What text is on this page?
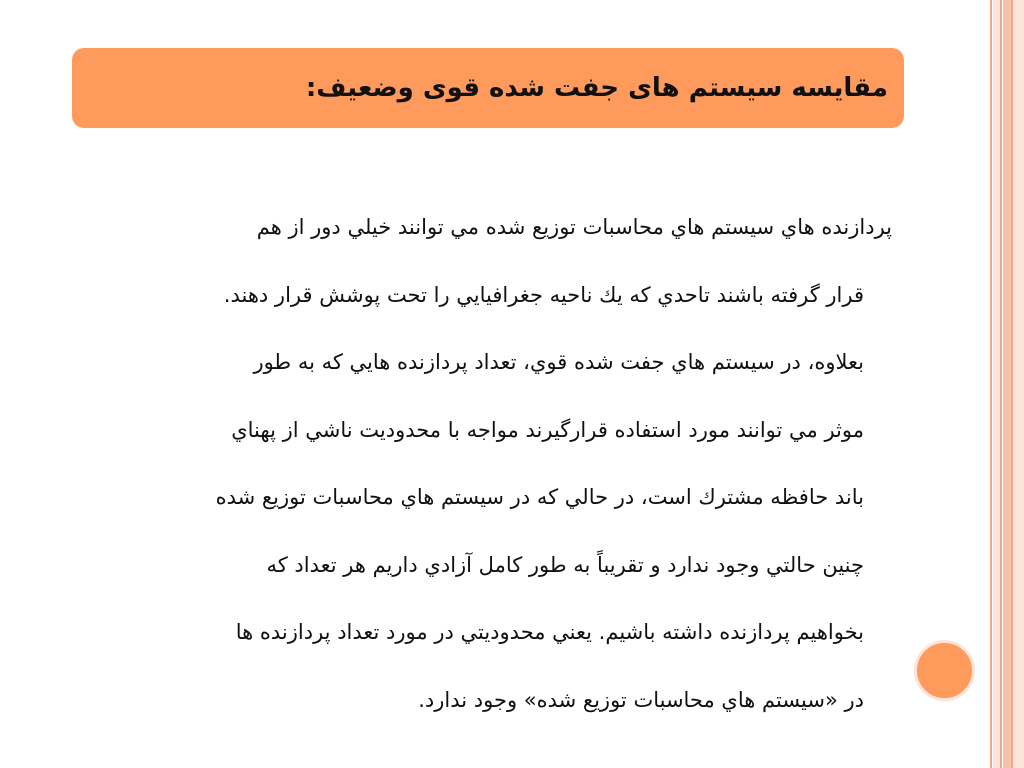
مقایسه سیستم های جفت شده قوی وضعیف:
پردازنده هاي سيستم هاي محاسبات توزيع شده مي توانند خيلي دور از هم
قرار گرفته باشند تاحدي كه يك ناحيه جغرافيايي را تحت پوشش قرار دهند.
بعلاوه، در سيستم هاي جفت شده قوي، تعداد پردازنده هايي كه به طور
موثر مي توانند مورد استفاده قرارگيرند مواجه با محدوديت ناشي از پهناي
باند حافظه مشترك است، در حالي كه در سيستم هاي محاسبات توزيع شده
چنين حالتي وجود ندارد و تقريباً به طور كامل آزادي داريم هر تعداد كه
بخواهيم پردازنده داشته باشيم. يعني محدوديتي در مورد تعداد پردازنده ها
در «سيستم هاي محاسبات توزيع شده» وجود ندارد.
